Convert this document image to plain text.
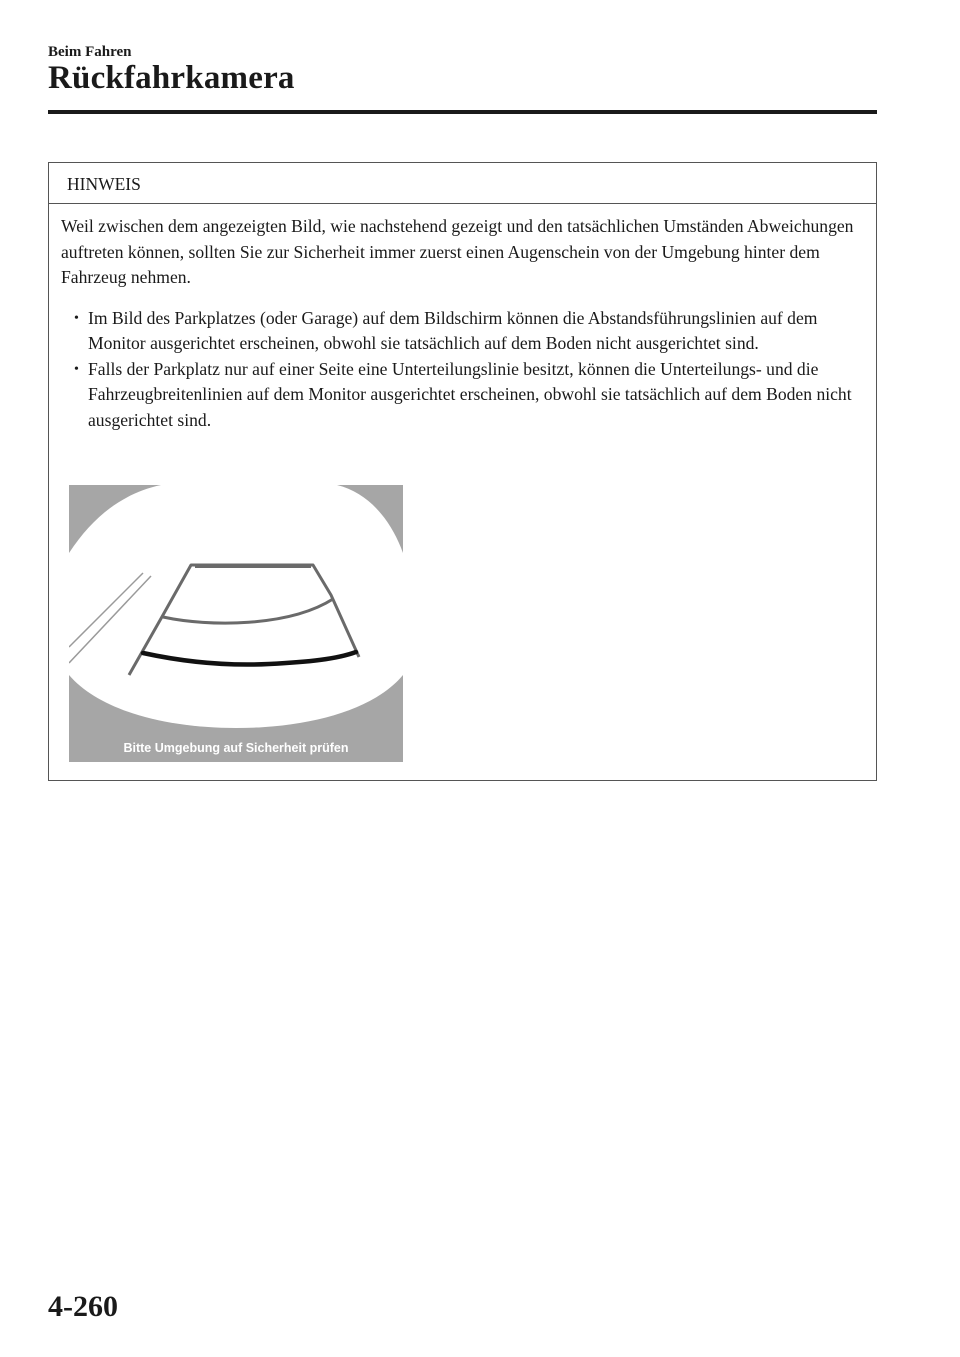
Beim Fahren
Rückfahrkamera
HINWEIS

Weil zwischen dem angezeigten Bild, wie nachstehend gezeigt und den tatsächlichen Umständen Abweichungen auftreten können, sollten Sie zur Sicherheit immer zuerst einen Augenschein von der Umgebung hinter dem Fahrzeug nehmen.

• Im Bild des Parkplatzes (oder Garage) auf dem Bildschirm können die Abstandsführungslinien auf dem Monitor ausgerichtet erscheinen, obwohl sie tatsächlich auf dem Boden nicht ausgerichtet sind.
• Falls der Parkplatz nur auf einer Seite eine Unterteilungslinie besitzt, können die Unterteilungs- und die Fahrzeugbreitenlinien auf dem Monitor ausgerichtet erscheinen, obwohl sie tatsächlich auf dem Boden nicht ausgerichtet sind.
Bitte Umgebung auf Sicherheit prüfen
4-260
